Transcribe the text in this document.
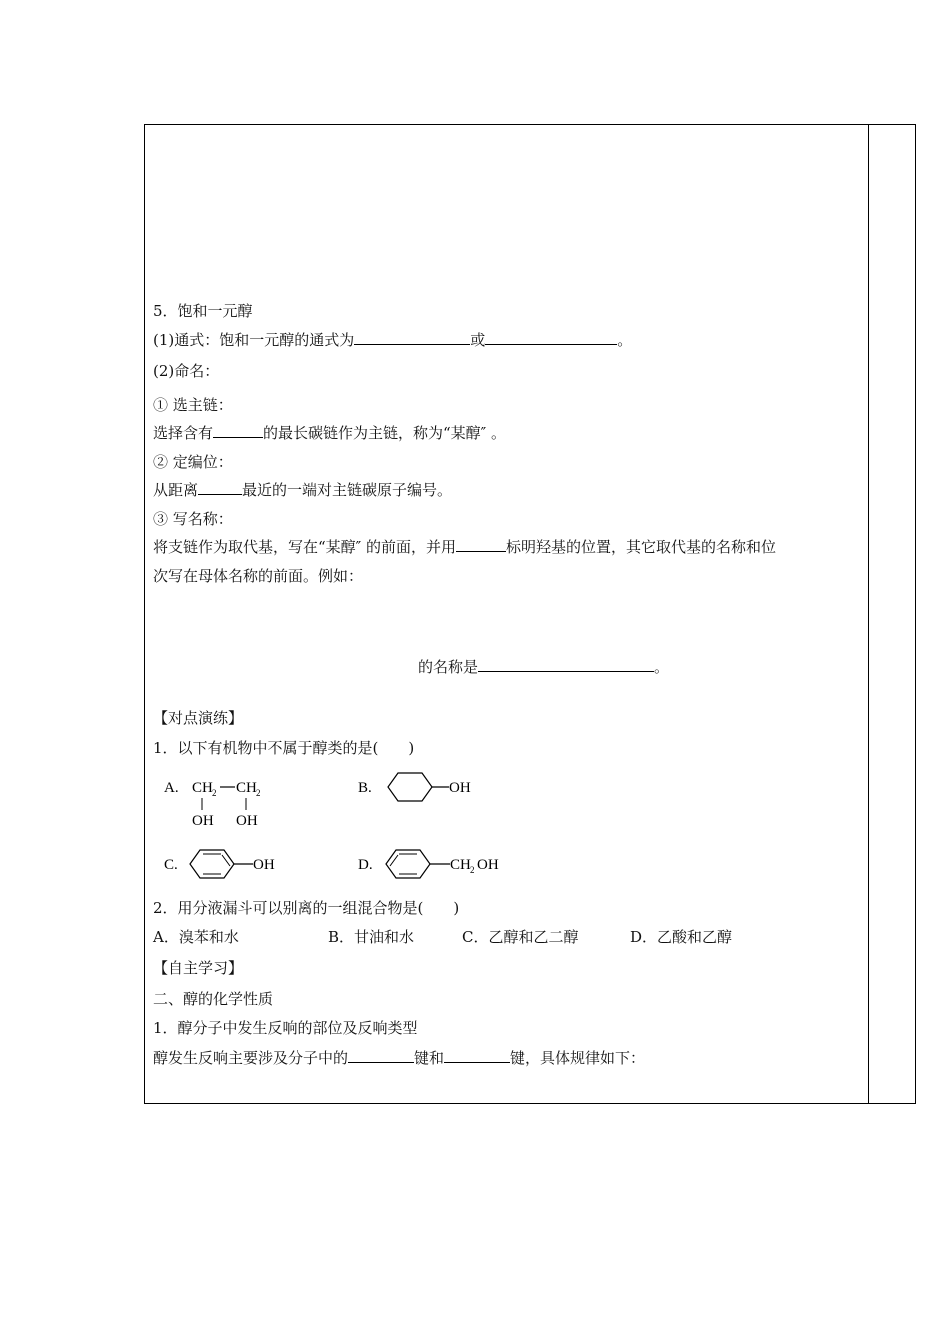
5．饱和一元醇
(1)通式：饱和一元醇的通式为	或	。
(2)命名：
① 选主链：
选择含有	的最长碳链作为主链，称为“某醇″ 。
② 定编位：
从距离	最近的一端对主链碳原子编号。
③ 写名称：
将支链作为取代基，写在“某醇″ 的前面，并用	标明羟基的位置，其它取代基的名称和位
次写在母体名称的前面。例如：
的名称是	。
【对点演练】
1．以下有机物中不属于醇类的是(　　)
A. CH 2 CH 2
OH OH
B.	OH
C.	OH	D.	CH 2 OH
2．用分液漏斗可以别离的一组混合物是(　　)
A．溴苯和水	B．甘油和水	C．乙醇和乙二醇	D．乙酸和乙醇
【自主学习】
二、醇的化学性质
1．醇分子中发生反响的部位及反响类型
醇发生反响主要涉及分子中的	键和	键，具体规律如下：
